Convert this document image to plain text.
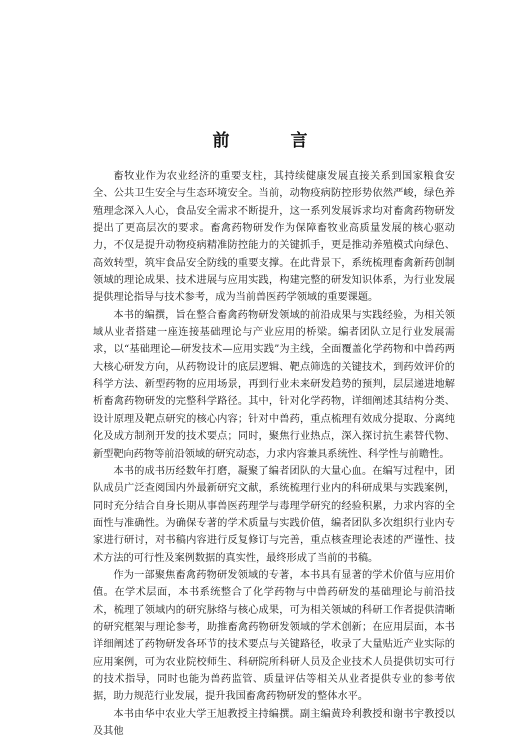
前　言

畜牧业作为农业经济的重要支柱，其持续健康发展直接关系到国家粮食安全、公共卫生安全与生态环境安全。当前，动物疫病防控形势依然严峻，绿色养殖理念深入人心，食品安全需求不断提升，这一系列发展诉求均对畜禽药物研发提出了更高层次的要求。畜禽药物研发作为保障畜牧业高质量发展的核心驱动力，不仅是提升动物疫病精准防控能力的关键抓手，更是推动养殖模式向绿色、高效转型，筑牢食品安全防线的重要支撑。在此背景下，系统梳理畜禽新药创制领域的理论成果、技术进展与应用实践，构建完整的研发知识体系，为行业发展提供理论指导与技术参考，成为当前兽医药学领域的重要课题。

本书的编撰，旨在整合畜禽药物研发领域的前沿成果与实践经验，为相关领域从业者搭建一座连接基础理论与产业应用的桥梁。编者团队立足行业发展需求，以“基础理论—研发技术—应用实践”为主线，全面覆盖化学药物和中兽药两大核心研发方向，从药物设计的底层逻辑、靶点筛选的关键技术，到药效评价的科学方法、新型药物的应用场景，再到行业未来研发趋势的预判，层层递进地解析畜禽药物研发的完整科学路径。其中，针对化学药物，详细阐述其结构分类、设计原理及靶点研究的核心内容；针对中兽药，重点梳理有效成分提取、分离纯化及成方制剂开发的技术要点；同时，聚焦行业热点，深入探讨抗生素替代物、新型靶向药物等前沿领域的研究动态，力求内容兼具系统性、科学性与前瞻性。

本书的成书历经数年打磨，凝聚了编者团队的大量心血。在编写过程中，团队成员广泛查阅国内外最新研究文献，系统梳理行业内的科研成果与实践案例，同时充分结合自身长期从事兽医药理学与毒理学研究的经验积累，力求内容的全面性与准确性。为确保专著的学术质量与实践价值，编者团队多次组织行业内专家进行研讨，对书稿内容进行反复修订与完善，重点核查理论表述的严谨性、技术方法的可行性及案例数据的真实性，最终形成了当前的书稿。

作为一部聚焦畜禽药物研发领域的专著，本书具有显著的学术价值与应用价值。在学术层面，本书系统整合了化学药物与中兽药研发的基础理论与前沿技术，梳理了领域内的研究脉络与核心成果，可为相关领域的科研工作者提供清晰的研究框架与理论参考，助推畜禽药物研发领域的学术创新；在应用层面，本书详细阐述了药物研发各环节的技术要点与关键路径，收录了大量贴近产业实际的应用案例，可为农业院校师生、科研院所科研人员及企业技术人员提供切实可行的技术指导，同时也能为兽药监管、质量评估等相关从业者提供专业的参考依据，助力规范行业发展，提升我国畜禽药物研发的整体水平。

本书由华中农业大学王旭教授主持编撰。副主编黄玲利教授和谢书宇教授以及其他
